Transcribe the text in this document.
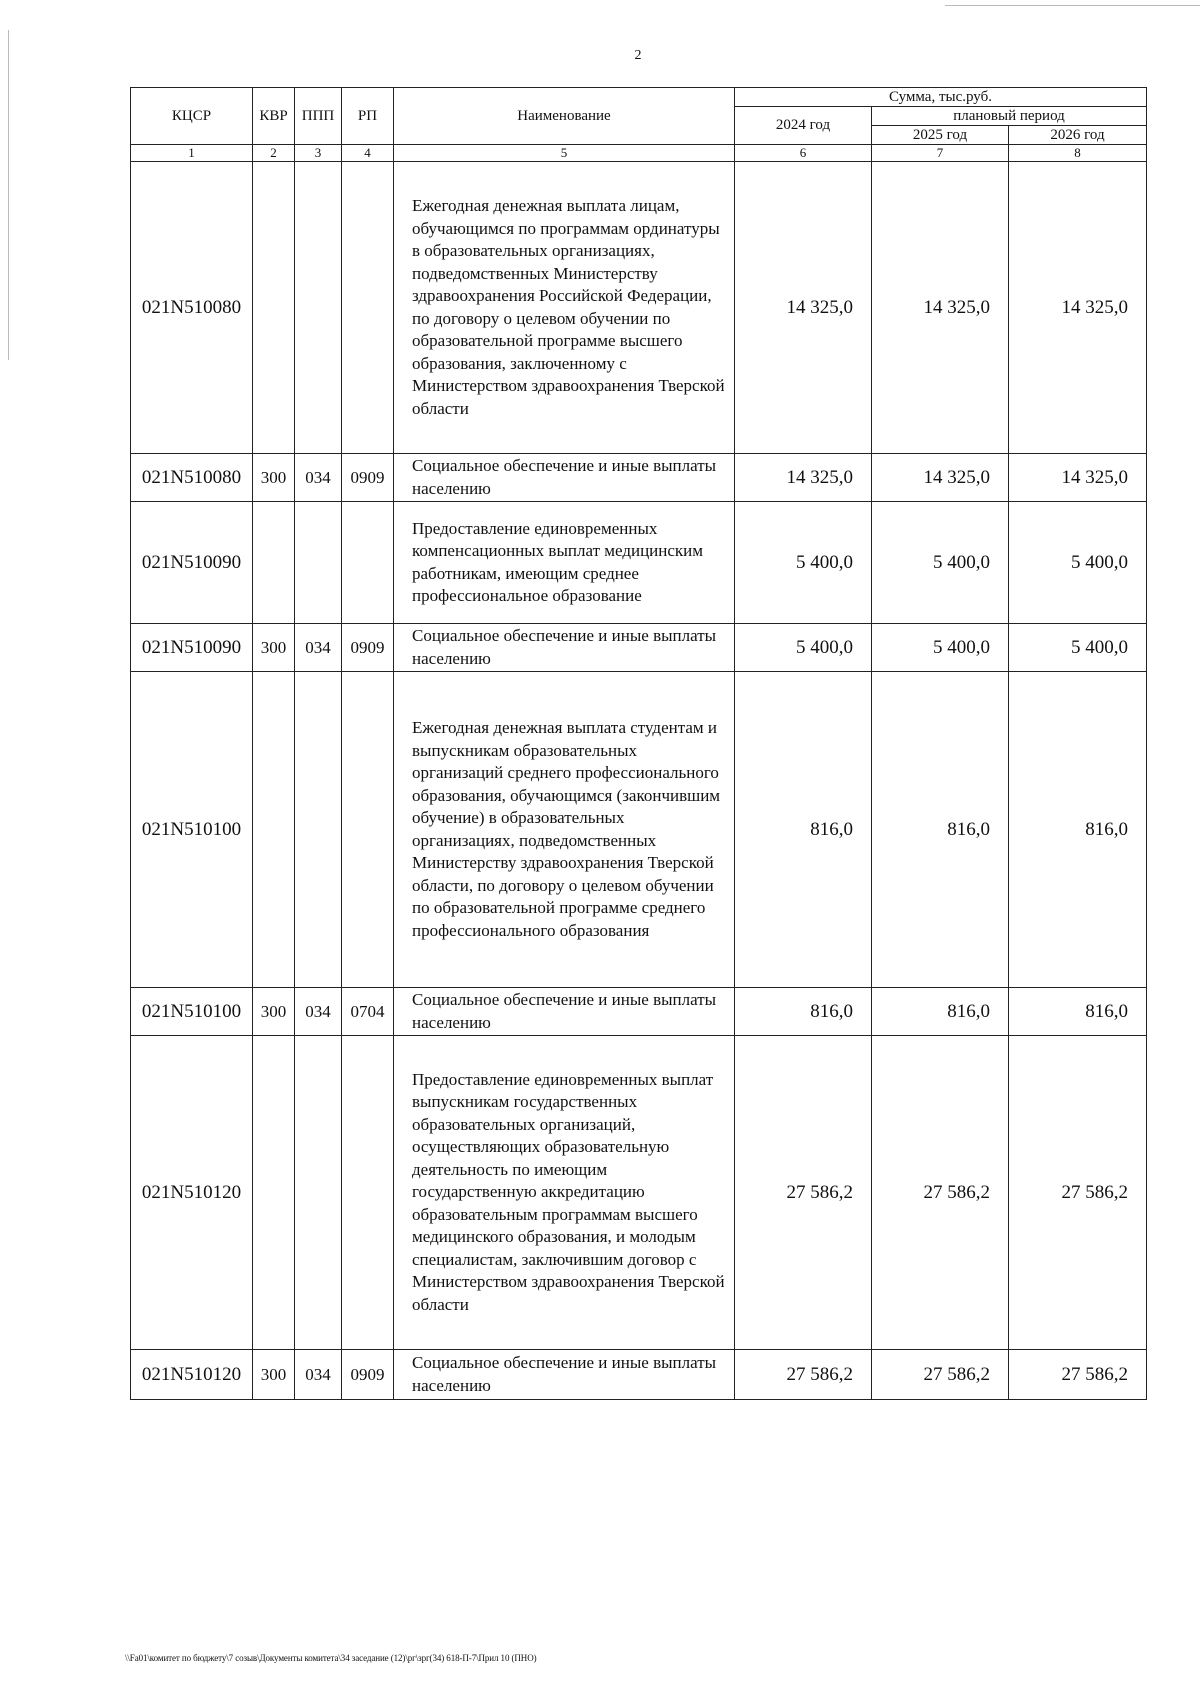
2
КЦСР	КВР	ППП	РП	Наименование	Сумма, тыс.руб.		
					2024 год	плановый период	
						2025 год	2026 год
1	2	3	4	5	6	7	8
021N510080				Ежегодная денежная выплата лицам, обучающимся по программам ординатуры в образовательных организациях, подведомственных Министерству здравоохранения Российской Федерации, по договору о целевом обучении по образовательной программе высшего образования, заключенному с Министерством здравоохранения Тверской области	14 325,0	14 325,0	14 325,0
021N510080	300	034	0909	Социальное обеспечение и иные выплаты населению	14 325,0	14 325,0	14 325,0
021N510090				Предоставление единовременных компенсационных выплат медицинским работникам, имеющим среднее профессиональное образование	5 400,0	5 400,0	5 400,0
021N510090	300	034	0909	Социальное обеспечение и иные выплаты населению	5 400,0	5 400,0	5 400,0
021N510100				Ежегодная денежная выплата студентам и выпускникам образовательных организаций среднего профессионального образования, обучающимся (закончившим обучение) в образовательных организациях, подведомственных Министерству здравоохранения Тверской области, по договору о целевом обучении по образовательной программе среднего профессионального образования	816,0	816,0	816,0
021N510100	300	034	0704	Социальное обеспечение и иные выплаты населению	816,0	816,0	816,0
021N510120				Предоставление единовременных выплат выпускникам государственных образовательных организаций, осуществляющих образовательную деятельность по имеющим государственную аккредитацию образовательным программам высшего медицинского образования, и молодым специалистам, заключившим договор с Министерством здравоохранения Тверской области	27 586,2	27 586,2	27 586,2
021N510120	300	034	0909	Социальное обеспечение и иные выплаты населению	27 586,2	27 586,2	27 586,2
\\Fa01\комитет по бюджету\7 созыв\Документы комитета\34 заседание (12)\рг\зрг(34) 618-П-7\Прил 10 (ПНО)
